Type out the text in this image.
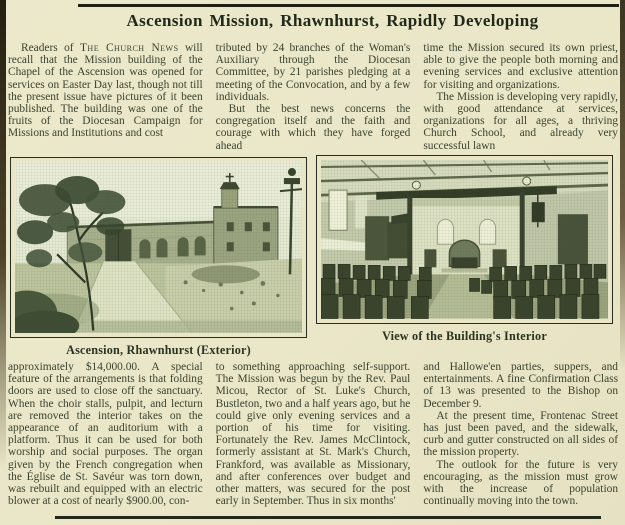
Ascension Mission, Rhawnhurst, Rapidly Developing

Readers of The Church News will recall that the Mission building of the Chapel of the Ascension was opened for services on Easter Day last, though not till the present issue have pictures of it been published. The building was one of the fruits of the Diocesan Campaign for Missions and Institutions and cost

tributed by 24 branches of the Woman's Auxiliary through the Diocesan Committee, by 21 parishes pledging at a meeting of the Convocation, and by a few individuals.

But the best news concerns the congregation itself and the faith and courage with which they have forged ahead

time the Mission secured its own priest, able to give the people both morning and evening services and exclusive attention for visiting and organizations.

The Mission is developing very rapidly, with good attendance at services, organizations for all ages, a thriving Church School, and already very successful lawn

Ascension, Rhawnhurst (Exterior)
View of the Building's Interior

approximately $14,000.00. A special feature of the arrangements is that folding doors are used to close off the sanctuary. When the choir stalls, pulpit, and lecturn are removed the interior takes on the appearance of an auditorium with a platform. Thus it can be used for both worship and social purposes. The organ given by the French congregation when the Église de St. Savéur was torn down, was rebuilt and equipped with an electric blower at a cost of nearly $900.00, con-

to something approaching self-support. The Mission was begun by the Rev. Paul Micou, Rector of St. Luke's Church, Bustleton, two and a half years ago, but he could give only evening services and a portion of his time for visiting. Fortunately the Rev. James McClintock, formerly assistant at St. Mark's Church, Frankford, was available as Missionary, and after conferences over budget and other matters, was secured for the post early in September. Thus in six months'

and Hallowe'en parties, suppers, and entertainments. A fine Confirmation Class of 13 was presented to the Bishop on December 9.

At the present time, Frontenac Street has just been paved, and the sidewalk, curb and gutter constructed on all sides of the mission property.

The outlook for the future is very encouraging, as the mission must grow with the increase of population continually moving into the town.
